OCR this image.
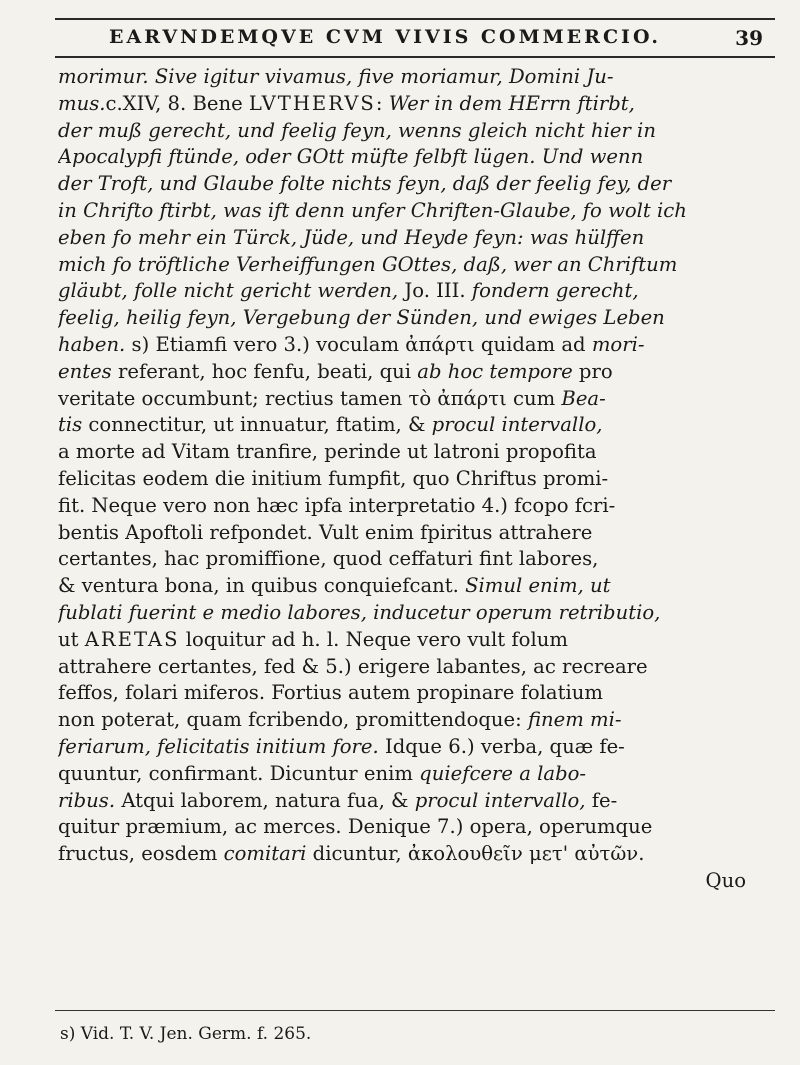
EARVNDEMQVE CVM VIVIS COMMERCIO.	39
morimur. Sive igitur vivamus, five moriamur, Domini Ju-
mus.c.XIV, 8. Bene LVTHERVS: Wer in dem HErrn ftirbt,
der muß gerecht, und feelig feyn, wenns gleich nicht hier in
Apocalypfi ftünde, oder GOtt müfte felbft lügen. Und wenn
der Troft, und Glaube folte nichts feyn, daß der feelig fey, der
in Chrifto ftirbt, was ift denn unfer Chriften-Glaube, fo wolt ich
eben fo mehr ein Türck, Jüde, und Heyde feyn: was hülffen
mich fo tröftliche Verheiffungen GOttes, daß, wer an Chriftum
gläubt, folle nicht gericht werden, Jo. III. fondern gerecht,
feelig, heilig feyn, Vergebung der Sünden, und ewiges Leben
haben. s) Etiamfi vero 3.) voculam ἀπάρτι quidam ad mori-
entes referant, hoc fenfu, beati, qui ab hoc tempore pro
veritate occumbunt; rectius tamen τὸ ἀπάρτι cum Bea-
tis connectitur, ut innuatur, ftatim, & procul intervallo,
a morte ad Vitam tranfire, perinde ut latroni propofita
felicitas eodem die initium fumpfit, quo Chriftus promi-
fit. Neque vero non hæc ipfa interpretatio 4.) fcopo fcri-
bentis Apoftoli refpondet. Vult enim fpiritus attrahere
certantes, hac promiffione, quod ceffaturi fint labores,
& ventura bona, in quibus conquiefcant. Simul enim, ut
fublati fuerint e medio labores, inducetur operum retributio,
ut ARETAS loquitur ad h. l. Neque vero vult folum
attrahere certantes, fed & 5.) erigere labantes, ac recreare
feffos, folari miferos. Fortius autem propinare folatium
non poterat, quam fcribendo, promittendoque: finem mi-
feriarum, felicitatis initium fore. Idque 6.) verba, quæ fe-
quuntur, confirmant. Dicuntur enim quiefcere a labo-
ribus. Atqui laborem, natura fua, & procul intervallo, fe-
quitur præmium, ac merces. Denique 7.) opera, operumque
fructus, eosdem comitari dicuntur, ἀκολουθεῖν μετ' αὐτῶν.
Quo
s) Vid. T. V. Jen. Germ. f. 265.
